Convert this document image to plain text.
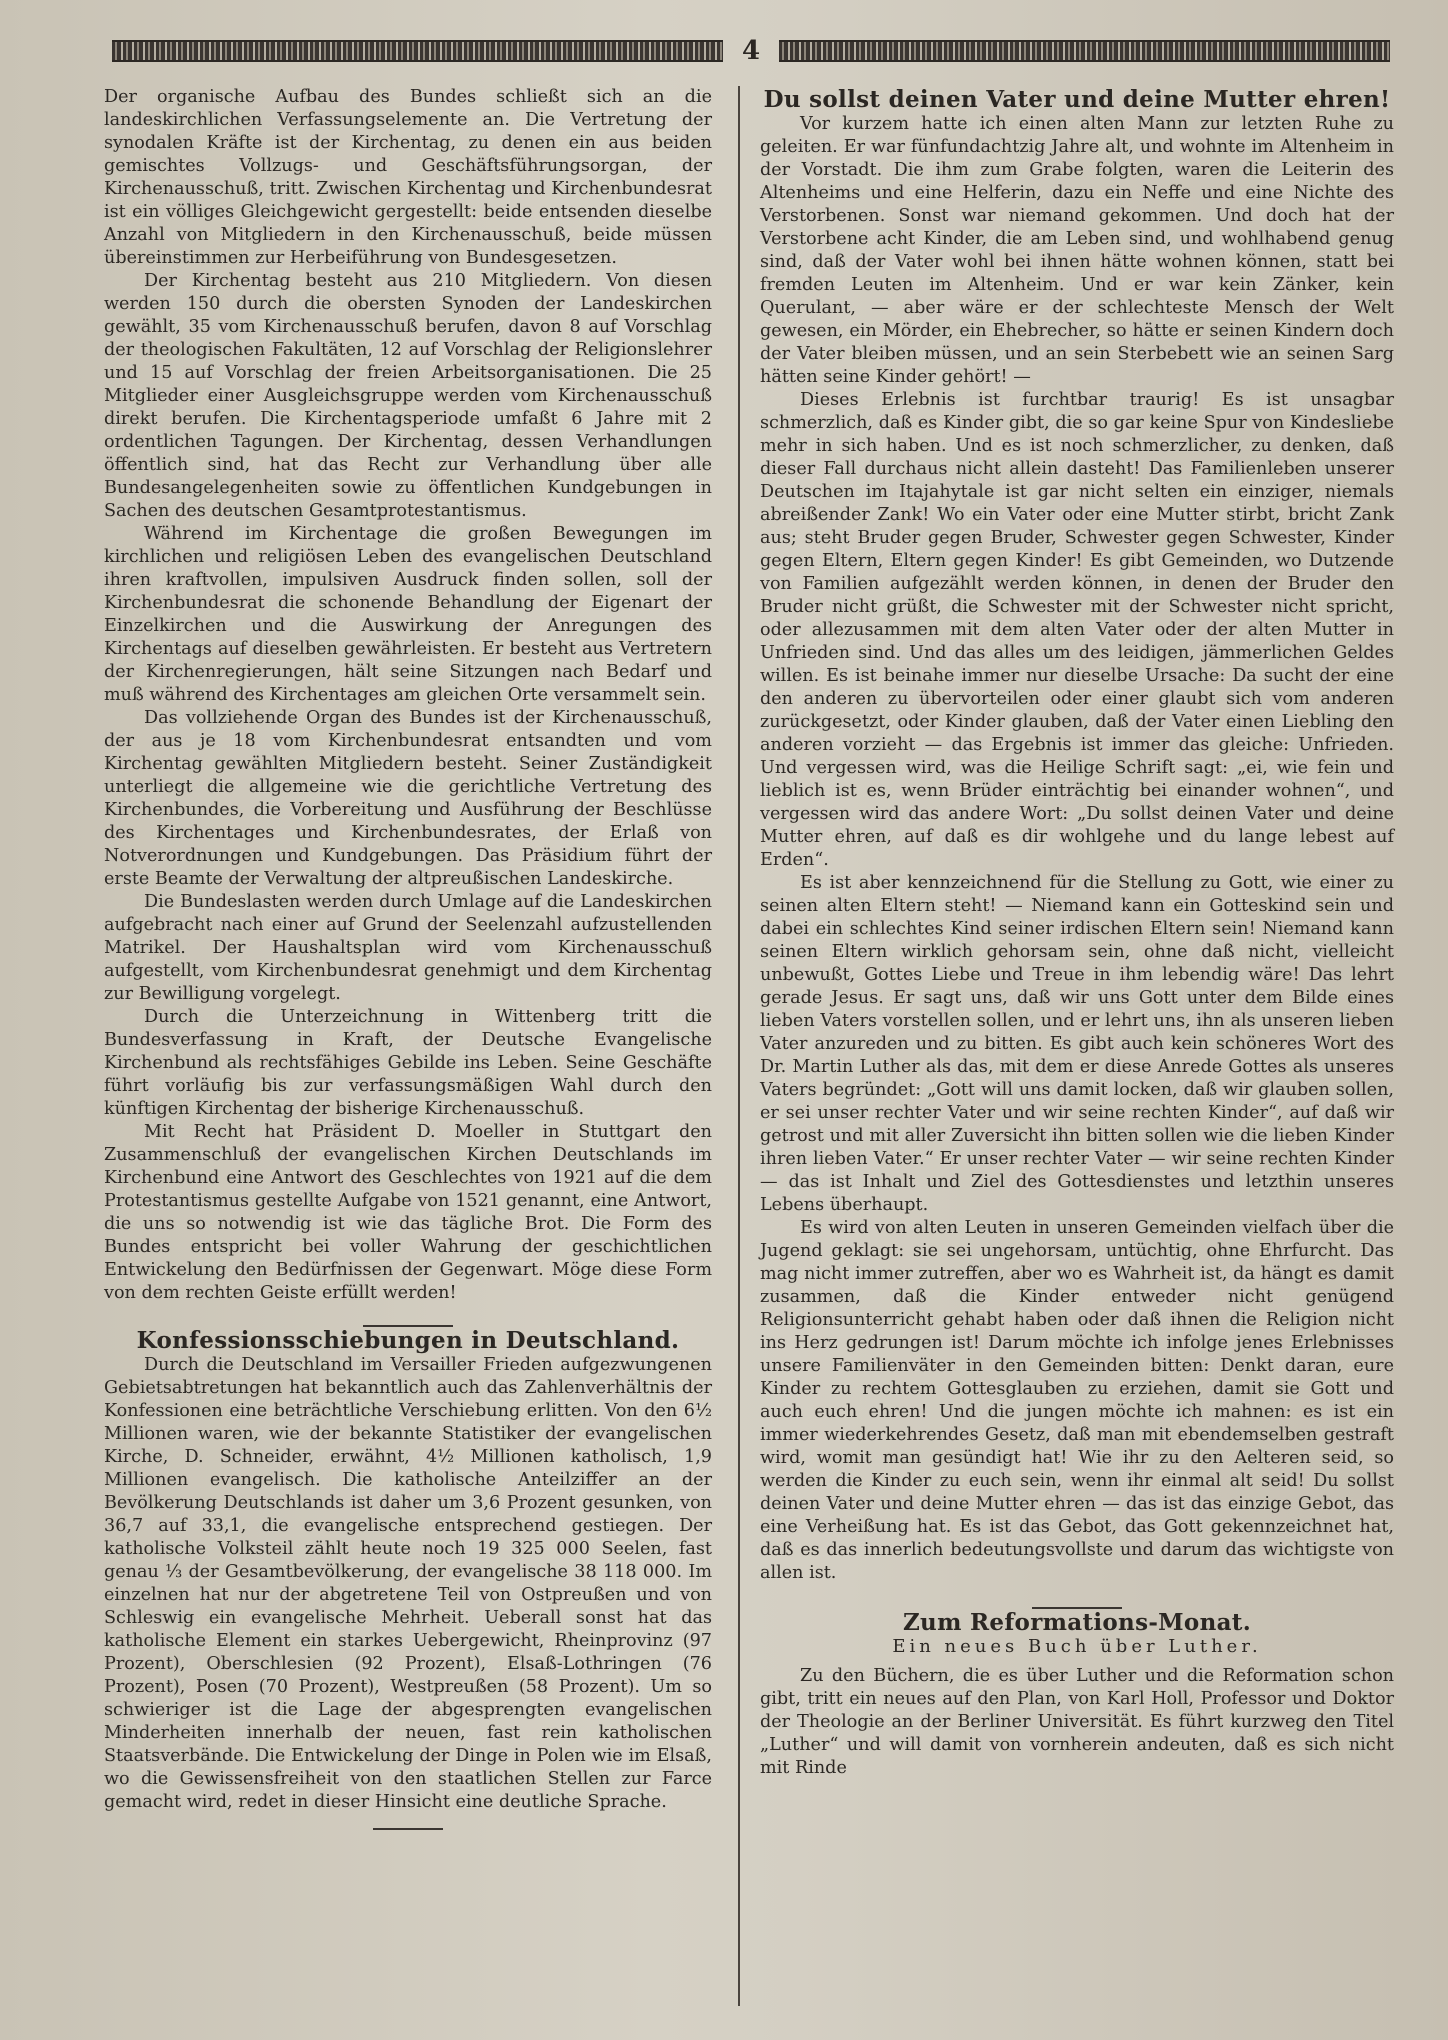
4

Der organische Aufbau des Bundes schließt sich an die landeskirchlichen Verfassungselemente an. Die Vertretung der synodalen Kräfte ist der Kirchentag, zu denen ein aus beiden gemischtes Vollzugs- und Geschäftsführungsorgan, der Kirchenausschuß, tritt. Zwischen Kirchentag und Kirchenbundesrat ist ein völliges Gleichgewicht gergestellt: beide entsenden dieselbe Anzahl von Mitgliedern in den Kirchenausschuß, beide müssen übereinstimmen zur Herbeiführung von Bundesgesetzen.

Der Kirchentag besteht aus 210 Mitgliedern. Von diesen werden 150 durch die obersten Synoden der Landeskirchen gewählt, 35 vom Kirchenausschuß berufen, davon 8 auf Vorschlag der theologischen Fakultäten, 12 auf Vorschlag der Religionslehrer und 15 auf Vorschlag der freien Arbeitsorganisationen. Die 25 Mitglieder einer Ausgleichsgruppe werden vom Kirchenausschuß direkt berufen. Die Kirchentagsperiode umfaßt 6 Jahre mit 2 ordentlichen Tagungen. Der Kirchentag, dessen Verhandlungen öffentlich sind, hat das Recht zur Verhandlung über alle Bundesangelegenheiten sowie zu öffentlichen Kundgebungen in Sachen des deutschen Gesamtprotestantismus.

Während im Kirchentage die großen Bewegungen im kirchlichen und religiösen Leben des evangelischen Deutschland ihren kraftvollen, impulsiven Ausdruck finden sollen, soll der Kirchenbundesrat die schonende Behandlung der Eigenart der Einzelkirchen und die Auswirkung der Anregungen des Kirchentags auf dieselben gewährleisten. Er besteht aus Vertretern der Kirchenregierungen, hält seine Sitzungen nach Bedarf und muß während des Kirchentages am gleichen Orte versammelt sein.

Das vollziehende Organ des Bundes ist der Kirchenausschuß, der aus je 18 vom Kirchenbundesrat entsandten und vom Kirchentag gewählten Mitgliedern besteht. Seiner Zuständigkeit unterliegt die allgemeine wie die gerichtliche Vertretung des Kirchenbundes, die Vorbereitung und Ausführung der Beschlüsse des Kirchentages und Kirchenbundesrates, der Erlaß von Notverordnungen und Kundgebungen. Das Präsidium führt der erste Beamte der Verwaltung der altpreußischen Landeskirche.

Die Bundeslasten werden durch Umlage auf die Landeskirchen aufgebracht nach einer auf Grund der Seelenzahl aufzustellenden Matrikel. Der Haushaltsplan wird vom Kirchenausschuß aufgestellt, vom Kirchenbundesrat genehmigt und dem Kirchentag zur Bewilligung vorgelegt.

Durch die Unterzeichnung in Wittenberg tritt die Bundesverfassung in Kraft, der Deutsche Evangelische Kirchenbund als rechtsfähiges Gebilde ins Leben. Seine Geschäfte führt vorläufig bis zur verfassungsmäßigen Wahl durch den künftigen Kirchentag der bisherige Kirchenausschuß.

Mit Recht hat Präsident D. Moeller in Stuttgart den Zusammenschluß der evangelischen Kirchen Deutschlands im Kirchenbund eine Antwort des Geschlechtes von 1921 auf die dem Protestantismus gestellte Aufgabe von 1521 genannt, eine Antwort, die uns so notwendig ist wie das tägliche Brot. Die Form des Bundes entspricht bei voller Wahrung der geschichtlichen Entwickelung den Bedürfnissen der Gegenwart. Möge diese Form von dem rechten Geiste erfüllt werden!

Konfessionsschiebungen in Deutschland.

Durch die Deutschland im Versailler Frieden aufgezwungenen Gebietsabtretungen hat bekanntlich auch das Zahlenverhältnis der Konfessionen eine beträchtliche Verschiebung erlitten. Von den 6½ Millionen waren, wie der bekannte Statistiker der evangelischen Kirche, D. Schneider, erwähnt, 4½ Millionen katholisch, 1,9 Millionen evangelisch. Die katholische Anteilziffer an der Bevölkerung Deutschlands ist daher um 3,6 Prozent gesunken, von 36,7 auf 33,1, die evangelische entsprechend gestiegen. Der katholische Volksteil zählt heute noch 19 325 000 Seelen, fast genau ⅓ der Gesamtbevölkerung, der evangelische 38 118 000. Im einzelnen hat nur der abgetretene Teil von Ostpreußen und von Schleswig ein evangelische Mehrheit. Ueberall sonst hat das katholische Element ein starkes Uebergewicht, Rheinprovinz (97 Prozent), Oberschlesien (92 Prozent), Elsaß-Lothringen (76 Prozent), Posen (70 Prozent), Westpreußen (58 Prozent). Um so schwieriger ist die Lage der abgesprengten evangelischen Minderheiten innerhalb der neuen, fast rein katholischen Staatsverbände. Die Entwickelung der Dinge in Polen wie im Elsaß, wo die Gewissensfreiheit von den staatlichen Stellen zur Farce gemacht wird, redet in dieser Hinsicht eine deutliche Sprache.

Du sollst deinen Vater und deine Mutter ehren!

Vor kurzem hatte ich einen alten Mann zur letzten Ruhe zu geleiten. Er war fünfundachtzig Jahre alt, und wohnte im Altenheim in der Vorstadt. Die ihm zum Grabe folgten, waren die Leiterin des Altenheims und eine Helferin, dazu ein Neffe und eine Nichte des Verstorbenen. Sonst war niemand gekommen. Und doch hat der Verstorbene acht Kinder, die am Leben sind, und wohlhabend genug sind, daß der Vater wohl bei ihnen hätte wohnen können, statt bei fremden Leuten im Altenheim. Und er war kein Zänker, kein Querulant, — aber wäre er der schlechteste Mensch der Welt gewesen, ein Mörder, ein Ehebrecher, so hätte er seinen Kindern doch der Vater bleiben müssen, und an sein Sterbebett wie an seinen Sarg hätten seine Kinder gehört! —

Dieses Erlebnis ist furchtbar traurig! Es ist unsagbar schmerzlich, daß es Kinder gibt, die so gar keine Spur von Kindesliebe mehr in sich haben. Und es ist noch schmerzlicher, zu denken, daß dieser Fall durchaus nicht allein dasteht! Das Familienleben unserer Deutschen im Itajahytale ist gar nicht selten ein einziger, niemals abreißender Zank! Wo ein Vater oder eine Mutter stirbt, bricht Zank aus; steht Bruder gegen Bruder, Schwester gegen Schwester, Kinder gegen Eltern, Eltern gegen Kinder! Es gibt Gemeinden, wo Dutzende von Familien aufgezählt werden können, in denen der Bruder den Bruder nicht grüßt, die Schwester mit der Schwester nicht spricht, oder allezusammen mit dem alten Vater oder der alten Mutter in Unfrieden sind. Und das alles um des leidigen, jämmerlichen Geldes willen. Es ist beinahe immer nur dieselbe Ursache: Da sucht der eine den anderen zu übervorteilen oder einer glaubt sich vom anderen zurückgesetzt, oder Kinder glauben, daß der Vater einen Liebling den anderen vorzieht — das Ergebnis ist immer das gleiche: Unfrieden. Und vergessen wird, was die Heilige Schrift sagt: „ei, wie fein und lieblich ist es, wenn Brüder einträchtig bei einander wohnen“, und vergessen wird das andere Wort: „Du sollst deinen Vater und deine Mutter ehren, auf daß es dir wohlgehe und du lange lebest auf Erden“.

Es ist aber kennzeichnend für die Stellung zu Gott, wie einer zu seinen alten Eltern steht! — Niemand kann ein Gotteskind sein und dabei ein schlechtes Kind seiner irdischen Eltern sein! Niemand kann seinen Eltern wirklich gehorsam sein, ohne daß nicht, vielleicht unbewußt, Gottes Liebe und Treue in ihm lebendig wäre! Das lehrt gerade Jesus. Er sagt uns, daß wir uns Gott unter dem Bilde eines lieben Vaters vorstellen sollen, und er lehrt uns, ihn als unseren lieben Vater anzureden und zu bitten. Es gibt auch kein schöneres Wort des Dr. Martin Luther als das, mit dem er diese Anrede Gottes als unseres Vaters begründet: „Gott will uns damit locken, daß wir glauben sollen, er sei unser rechter Vater und wir seine rechten Kinder“, auf daß wir getrost und mit aller Zuversicht ihn bitten sollen wie die lieben Kinder ihren lieben Vater.“ Er unser rechter Vater — wir seine rechten Kinder — das ist Inhalt und Ziel des Gottesdienstes und letzthin unseres Lebens überhaupt.

Es wird von alten Leuten in unseren Gemeinden vielfach über die Jugend geklagt: sie sei ungehorsam, untüchtig, ohne Ehrfurcht. Das mag nicht immer zutreffen, aber wo es Wahrheit ist, da hängt es damit zusammen, daß die Kinder entweder nicht genügend Religionsunterricht gehabt haben oder daß ihnen die Religion nicht ins Herz gedrungen ist! Darum möchte ich infolge jenes Erlebnisses unsere Familienväter in den Gemeinden bitten: Denkt daran, eure Kinder zu rechtem Gottesglauben zu erziehen, damit sie Gott und auch euch ehren! Und die jungen möchte ich mahnen: es ist ein immer wiederkehrendes Gesetz, daß man mit ebendemselben gestraft wird, womit man gesündigt hat! Wie ihr zu den Aelteren seid, so werden die Kinder zu euch sein, wenn ihr einmal alt seid! Du sollst deinen Vater und deine Mutter ehren — das ist das einzige Gebot, das eine Verheißung hat. Es ist das Gebot, das Gott gekennzeichnet hat, daß es das innerlich bedeutungsvollste und darum das wichtigste von allen ist.

Zum Reformations-Monat.
Ein neues Buch über Luther.

Zu den Büchern, die es über Luther und die Reformation schon gibt, tritt ein neues auf den Plan, von Karl Holl, Professor und Doktor der Theologie an der Berliner Universität. Es führt kurzweg den Titel „Luther“ und will damit von vornherein andeuten, daß es sich nicht mit Rinde
